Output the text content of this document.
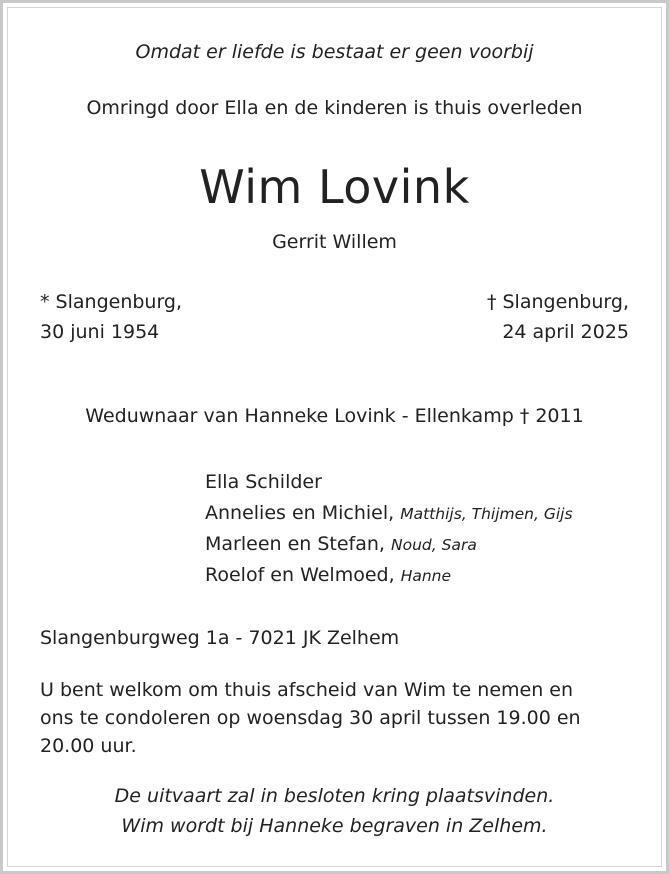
Omdat er liefde is bestaat er geen voorbij
Omringd door Ella en de kinderen is thuis overleden
Wim Lovink
Gerrit Willem
* Slangenburg,
30 juni 1954
† Slangenburg,
24 april 2025
Weduwnaar van Hanneke Lovink - Ellenkamp † 2011
Ella Schilder
Annelies en Michiel, Matthijs, Thijmen, Gijs
Marleen en Stefan, Noud, Sara
Roelof en Welmoed, Hanne
Slangenburgweg 1a - 7021 JK Zelhem
U bent welkom om thuis afscheid van Wim te nemen en
ons te condoleren op woensdag 30 april tussen 19.00 en
20.00 uur.
De uitvaart zal in besloten kring plaatsvinden.
Wim wordt bij Hanneke begraven in Zelhem.
